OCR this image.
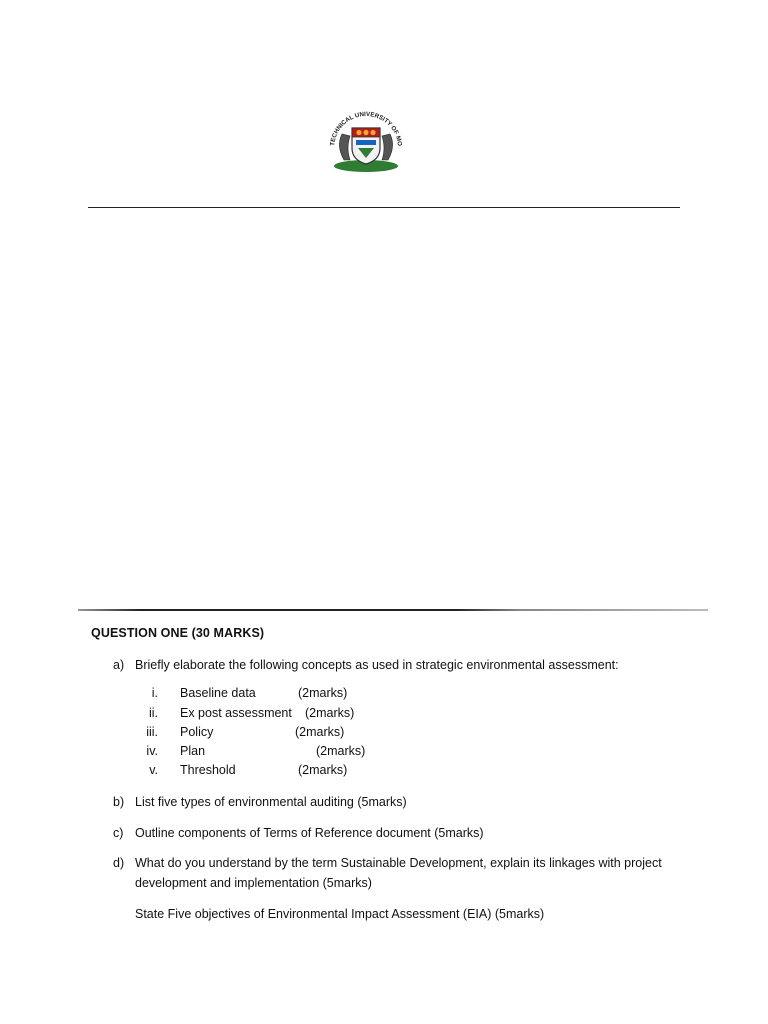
TECHNICAL UNIVERSITY OF MO
QUESTION ONE (30 MARKS)
a) Briefly elaborate the following concepts as used in strategic environmental assessment:
i. Baseline data	(2marks)
ii. Ex post assessment (2marks)
iii. Policy	(2marks)
iv. Plan	(2marks)
v. Threshold	(2marks)
b) List five types of environmental auditing (5marks)
c) Outline components of Terms of Reference document (5marks)
d) What do you understand by the term Sustainable Development, explain its linkages with project
development and implementation (5marks)
State Five objectives of Environmental Impact Assessment (EIA) (5marks)
